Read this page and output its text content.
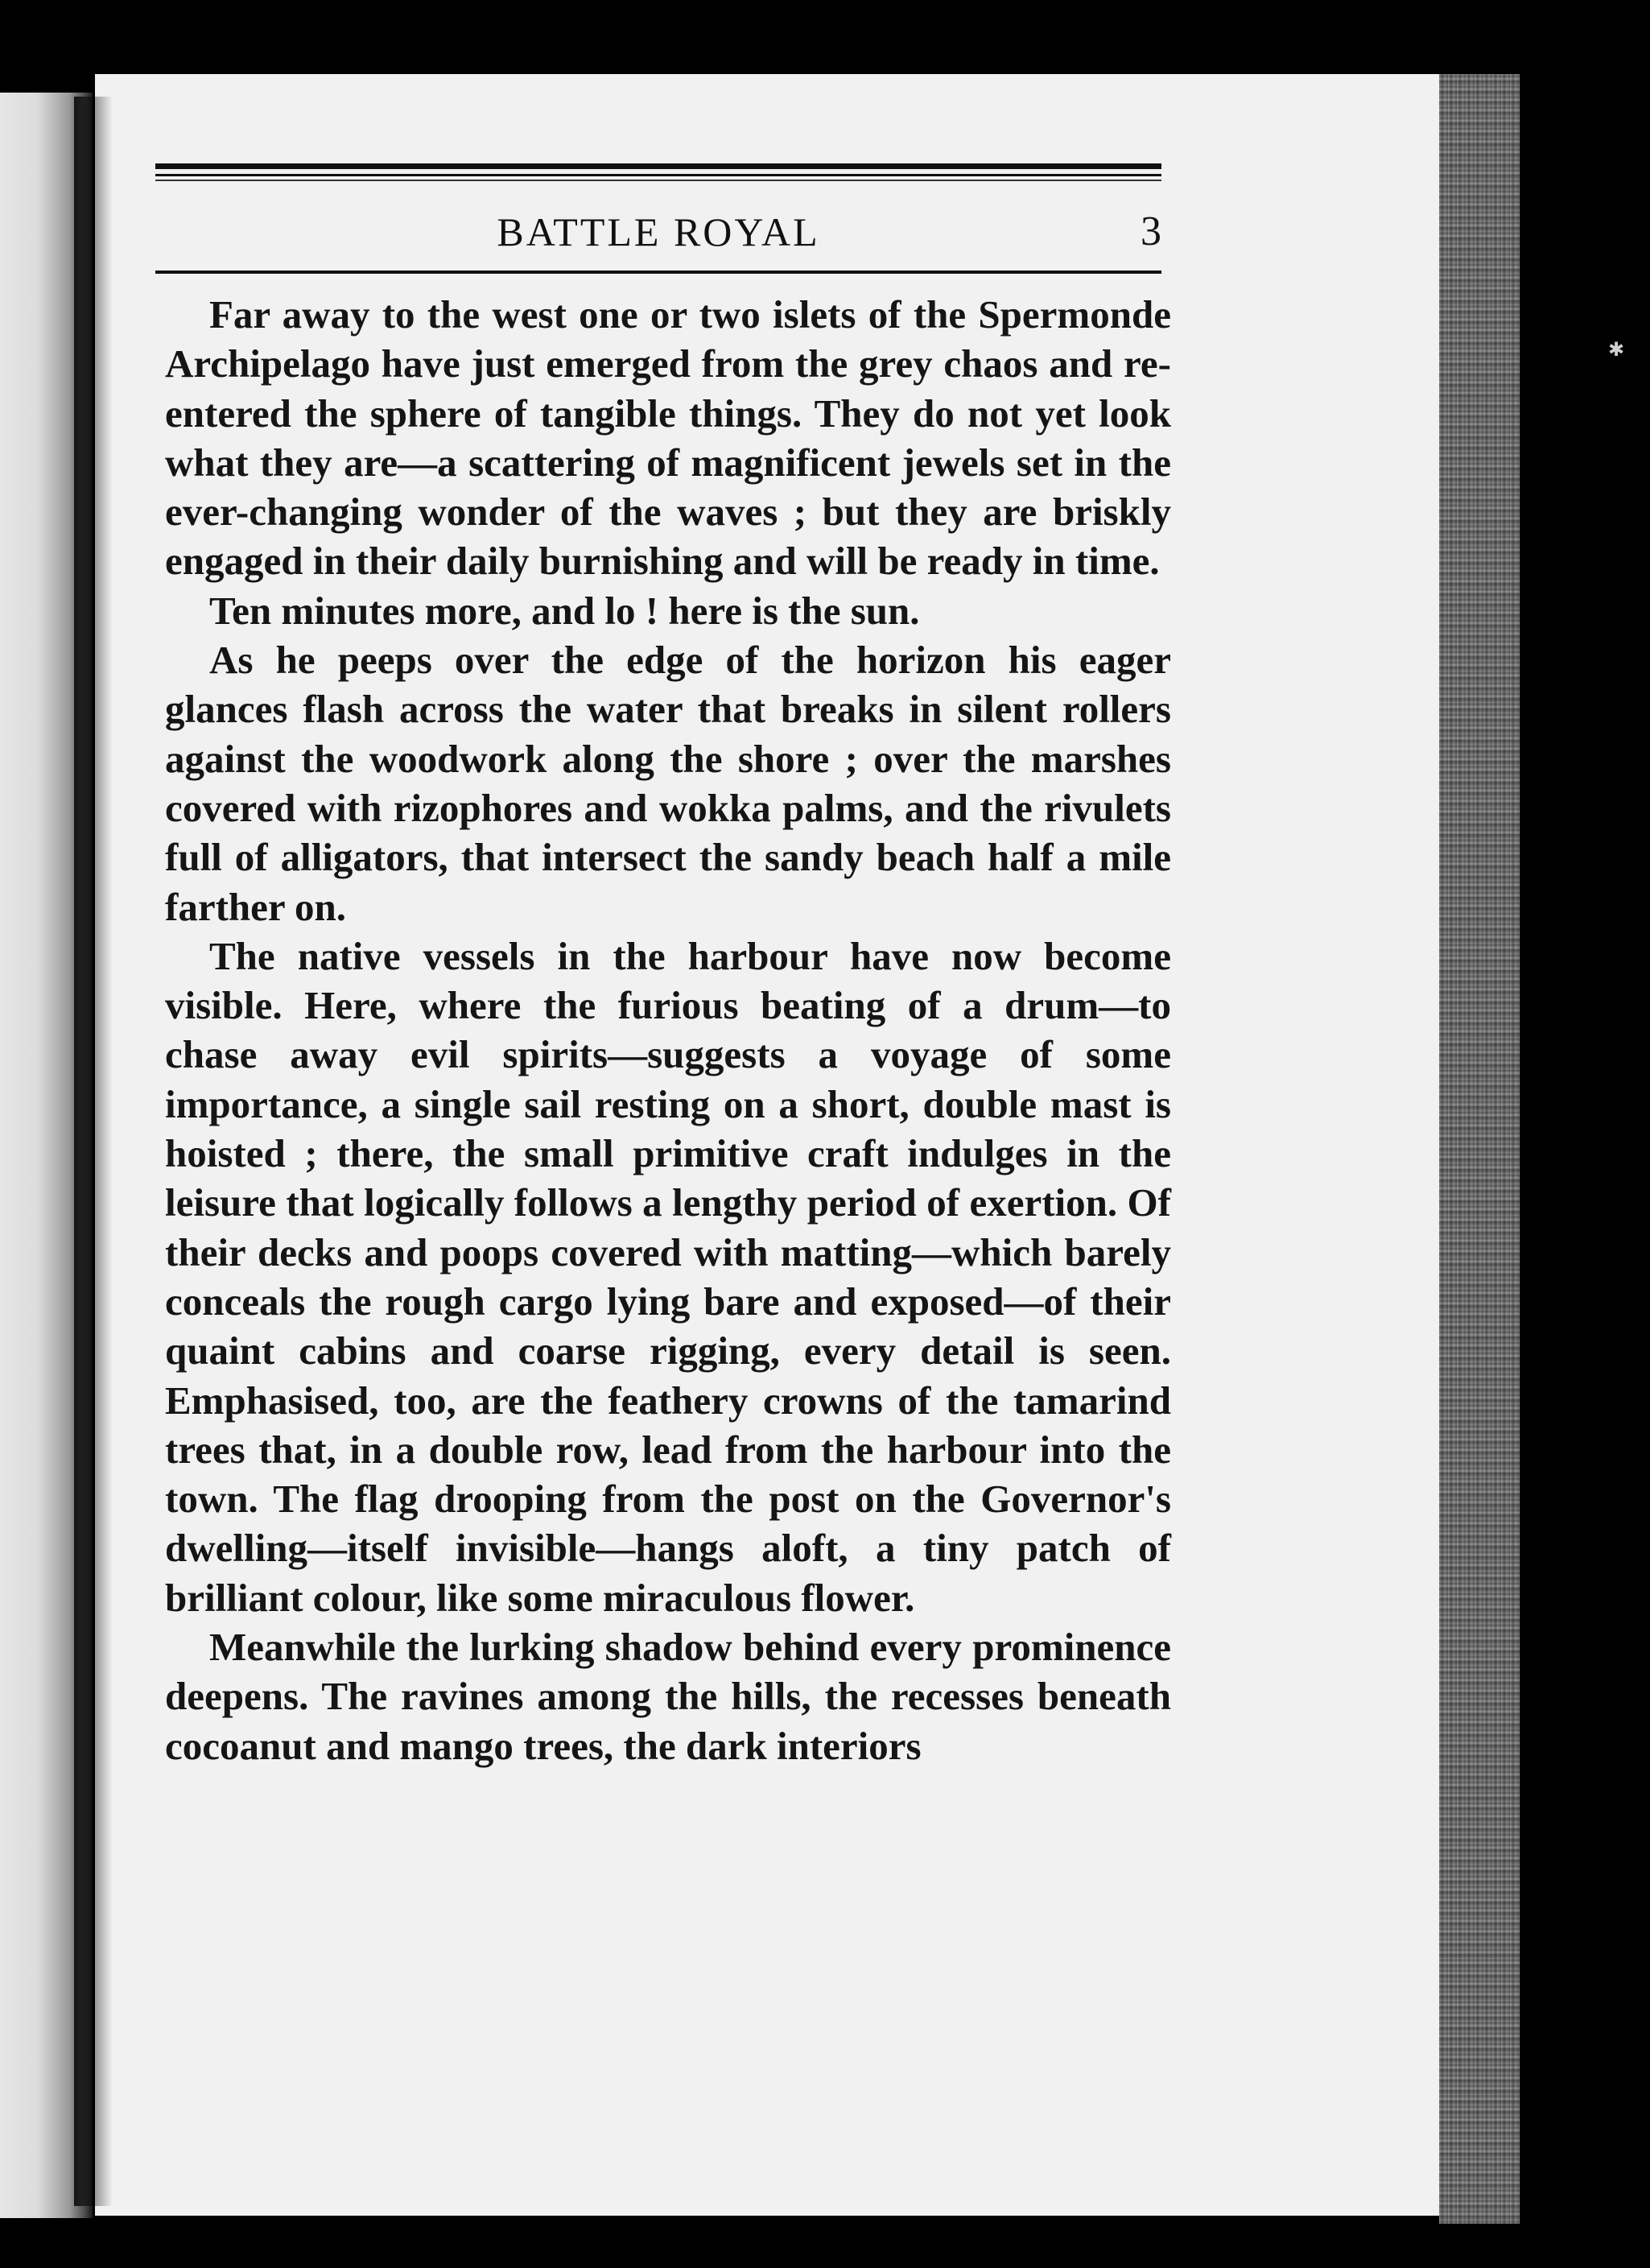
✱
BATTLE ROYAL	3

Far away to the west one or two islets of the Spermonde Archipelago have just emerged from the grey chaos and re-entered the sphere of tangible things. They do not yet look what they are—a scattering of magnificent jewels set in the ever-changing wonder of the waves ; but they are briskly engaged in their daily burnishing and will be ready in time.

Ten minutes more, and lo ! here is the sun.

As he peeps over the edge of the horizon his eager glances flash across the water that breaks in silent rollers against the woodwork along the shore ; over the marshes covered with rizophores and wokka palms, and the rivulets full of alligators, that intersect the sandy beach half a mile farther on.

The native vessels in the harbour have now become visible. Here, where the furious beating of a drum—to chase away evil spirits—suggests a voyage of some importance, a single sail resting on a short, double mast is hoisted ; there, the small primitive craft indulges in the leisure that logically follows a lengthy period of exertion. Of their decks and poops covered with matting—which barely conceals the rough cargo lying bare and exposed—of their quaint cabins and coarse rigging, every detail is seen. Emphasised, too, are the feathery crowns of the tamarind trees that, in a double row, lead from the harbour into the town. The flag drooping from the post on the Governor's dwelling—itself invisible—hangs aloft, a tiny patch of brilliant colour, like some miraculous flower.

Meanwhile the lurking shadow behind every prominence deepens. The ravines among the hills, the recesses beneath cocoanut and mango trees, the dark interiors
